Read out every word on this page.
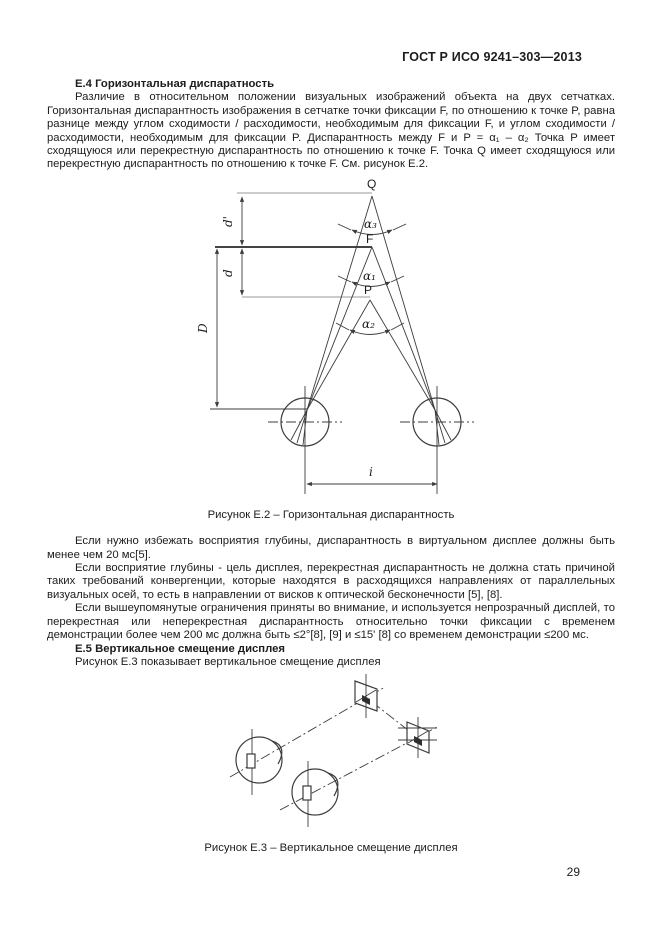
ГОСТ Р ИСО 9241–303—2013

Е.4 Горизонтальная диспаратность

Различие в относительном положении визуальных изображений объекта на двух сетчатках. Горизонтальная диспарантность изображения в сетчатке точки фиксации F, по отношению к точке P, равна разнице между углом сходимости / расходимости, необходимым для фиксации F, и углом сходимости / расходимости, необходимым для фиксации P. Диспарантность между F и P = α₁ – α₂ Точка P имеет сходящуюся или перекрестную диспарантность по отношению к точке F. Точка Q имеет сходящуюся или перекрестную диспарантность по отношению к точке F. См. рисунок Е.2.

Q
F
P
α₃
α₁
α₂
d'
d
D
i
Рисунок Е.2 – Горизонтальная диспарантность

Если нужно избежать восприятия глубины, диспарантность в виртуальном дисплее должны быть менее чем 20 мс[5].

Если восприятие глубины - цель дисплея, перекрестная диспарантность не должна стать причиной таких требований конвергенции, которые находятся в расходящихся направлениях от параллельных визуальных осей, то есть в направлении от висков к оптической бесконечности [5], [8].

Если вышеупомянутые ограничения приняты во внимание, и используется непрозрачный дисплей, то перекрестная или неперекрестная диспарантность относительно точки фиксации с временем демонстрации более чем 200 мс должна быть ≤2°[8], [9] и ≤15' [8] со временем демонстрации ≤200 мс.

Е.5 Вертикальное смещение дисплея

Рисунок Е.3 показывает вертикальное смещение дисплея

Рисунок Е.3 – Вертикальное смещение дисплея
29
